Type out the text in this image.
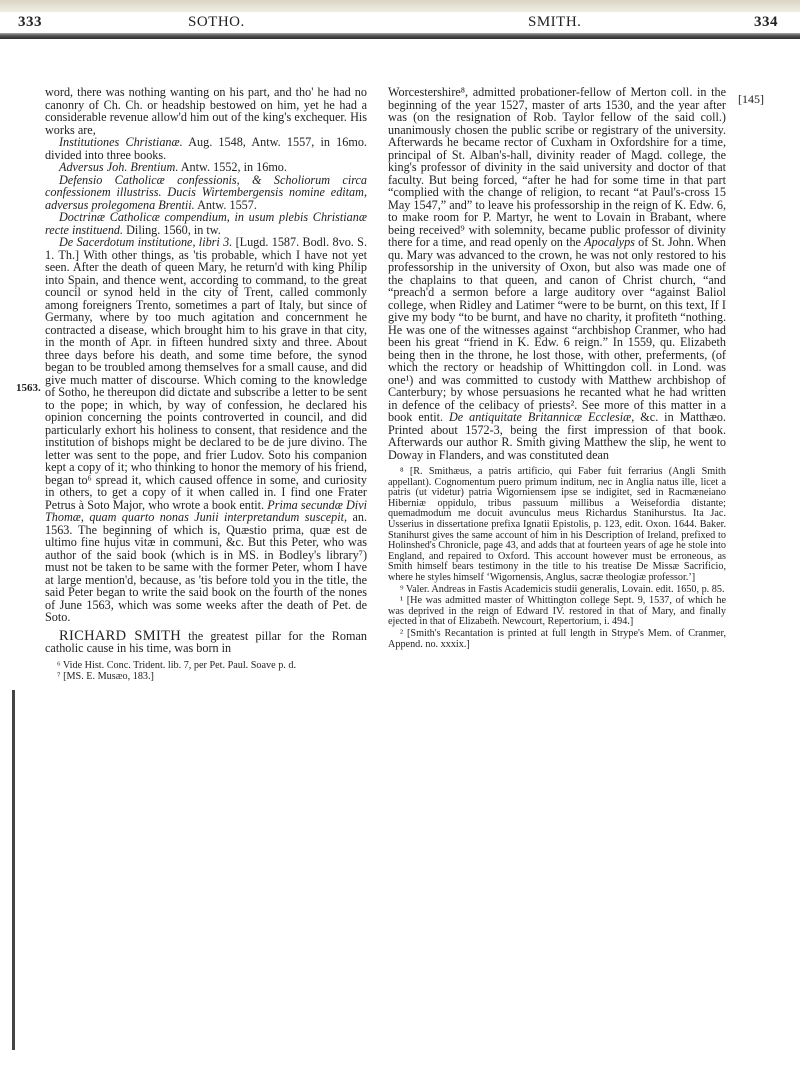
333	SOTHO.	SMITH.	334
1563.
[145]

word, there was nothing wanting on his part, and tho' he had no canonry of Ch. Ch. or headship bestowed on him, yet he had a considerable revenue allow'd him out of the king's exchequer. His works are,

Institutiones Christianæ. Aug. 1548, Antw. 1557, in 16mo. divided into three books.

Adversus Joh. Brentium. Antw. 1552, in 16mo.

Defensio Catholicæ confessionis, & Scholiorum circa confessionem illustriss. Ducis Wirtembergensis nomine editam, adversus prolegomena Brentii. Antw. 1557.

Doctrinæ Catholicæ compendium, in usum plebis Christianæ recte instituend. Diling. 1560, in tw.

De Sacerdotum institutione, libri 3. [Lugd. 1587. Bodl. 8vo. S. 1. Th.] With other things, as 'tis probable, which I have not yet seen. After the death of queen Mary, he return'd with king Philip into Spain, and thence went, according to command, to the great council or synod held in the city of Trent, called commonly among foreigners Trento, sometimes a part of Italy, but since of Germany, where by too much agitation and concernment he contracted a disease, which brought him to his grave in that city, in the month of Apr. in fifteen hundred sixty and three. About three days before his death, and some time before, the synod began to be troubled among themselves for a small cause, and did give much matter of discourse. Which coming to the knowledge of Sotho, he thereupon did dictate and subscribe a letter to be sent to the pope; in which, by way of confession, he declared his opinion concerning the points controverted in council, and did particularly exhort his holiness to consent, that residence and the institution of bishops might be declared to be de jure divino. The letter was sent to the pope, and frier Ludov. Soto his companion kept a copy of it; who thinking to honor the memory of his friend, began to⁶ spread it, which caused offence in some, and curiosity in others, to get a copy of it when called in. I find one Frater Petrus à Soto Major, who wrote a book entit. Prima secundæ Divi Thomæ, quam quarto nonas Junii interpretandum suscepit, an. 1563. The beginning of which is, Quæstio prima, quæ est de ultimo fine hujus vitæ in communi, &c. But this Peter, who was author of the said book (which is in MS. in Bodley's library⁷) must not be taken to be same with the former Peter, whom I have at large mention'd, because, as 'tis before told you in the title, the said Peter began to write the said book on the fourth of the nones of June 1563, which was some weeks after the death of Pet. de Soto.

RICHARD SMITH the greatest pillar for the Roman catholic cause in his time, was born in

⁶ Vide Hist. Conc. Trident. lib. 7, per Pet. Paul. Soave p. d.

⁷ [MS. E. Musæo, 183.]

Worcestershire⁸, admitted probationer-fellow of Merton coll. in the beginning of the year 1527, master of arts 1530, and the year after was (on the resignation of Rob. Taylor fellow of the said coll.) unanimously chosen the public scribe or registrary of the university. Afterwards he became rector of Cuxham in Oxfordshire for a time, principal of St. Alban's-hall, divinity reader of Magd. college, the king's professor of divinity in the said university and doctor of that faculty. But being forced, “after he had for some time in that part “complied with the change of religion, to recant “at Paul's-cross 15 May 1547,” and” to leave his professorship in the reign of K. Edw. 6, to make room for P. Martyr, he went to Lovain in Brabant, where being received⁹ with solemnity, became public professor of divinity there for a time, and read openly on the Apocalyps of St. John. When qu. Mary was advanced to the crown, he was not only restored to his professorship in the university of Oxon, but also was made one of the chaplains to that queen, and canon of Christ church, “and “preach'd a sermon before a large auditory over “against Baliol college, when Ridley and Latimer “were to be burnt, on this text, If I give my body “to be burnt, and have no charity, it profiteth “nothing. He was one of the witnesses against “archbishop Cranmer, who had been his great “friend in K. Edw. 6 reign.” In 1559, qu. Elizabeth being then in the throne, he lost those, with other, preferments, (of which the rectory or headship of Whittingdon coll. in Lond. was one¹) and was committed to custody with Matthew archbishop of Canterbury; by whose persuasions he recanted what he had written in defence of the celibacy of priests². See more of this matter in a book entit. De antiquitate Britannicæ Ecclesiæ, &c. in Matthæo. Printed about 1572-3, being the first impression of that book. Afterwards our author R. Smith giving Matthew the slip, he went to Doway in Flanders, and was constituted dean

⁸ [R. Smithæus, a patris artificio, qui Faber fuit ferrarius (Angli Smith appellant). Cognomentum puero primum inditum, nec in Anglia natus ille, licet a patris (ut videtur) patria Wigorniensem ipse se indigitet, sed in Racmæneiano Hiberniæ oppidulo, tribus passuum millibus a Weisefordia distante; quemadmodum me docuit avunculus meus Richardus Stanihurstus. Ita Jac. Usserius in dissertatione prefixa Ignatii Epistolis, p. 123, edit. Oxon. 1644. Baker. Stanihurst gives the same account of him in his Description of Ireland, prefixed to Holinshed's Chronicle, page 43, and adds that at fourteen years of age he stole into England, and repaired to Oxford. This account however must be erroneous, as Smith himself bears testimony in the title to his treatise De Missæ Sacrificio, where he styles himself ‘Wigornensis, Anglus, sacræ theologiæ professor.’]

⁹ Valer. Andreas in Fastis Academicis studii generalis, Lovain. edit. 1650, p. 85.

¹ [He was admitted master of Whittington college Sept. 9, 1537, of which he was deprived in the reign of Edward IV. restored in that of Mary, and finally ejected in that of Elizabeth. Newcourt, Repertorium, i. 494.]

² [Smith's Recantation is printed at full length in Strype's Mem. of Cranmer, Append. no. xxxix.]
